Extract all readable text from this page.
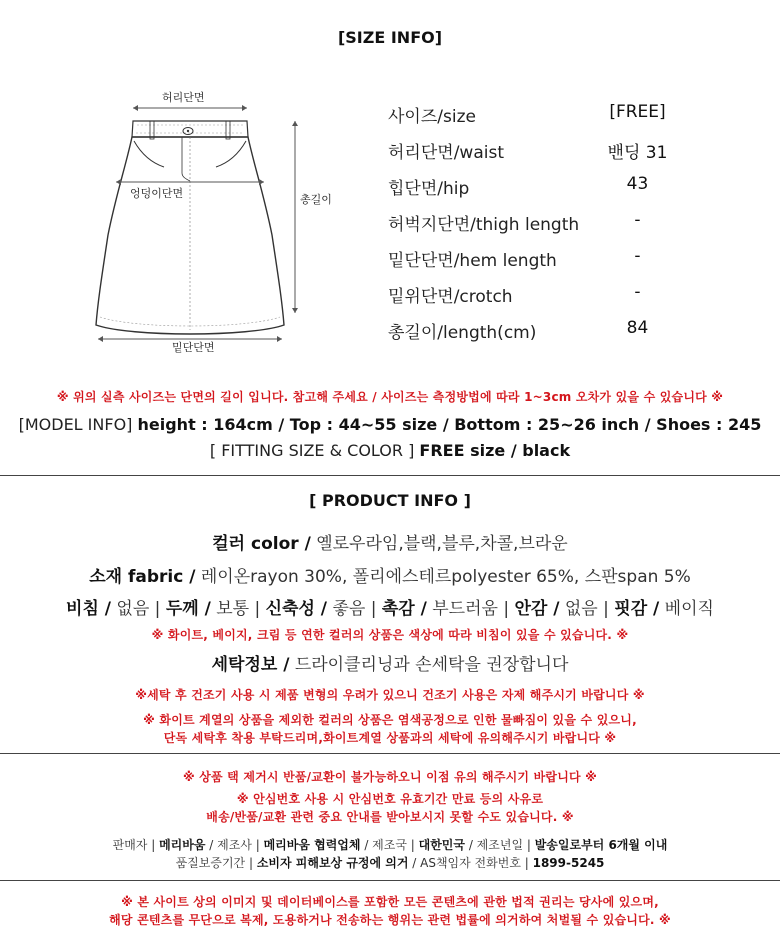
[SIZE INFO]
허리단면
엉덩이단면	총길이
밑단단면
사이즈/size	[FREE]
허리단면/waist	밴딩 31
힙단면/hip	43
허벅지단면/thigh length	-
밑단단면/hem length	-
밑위단면/crotch	-
총길이/length(cm)	84
※ 위의 실측 사이즈는 단면의 길이 입니다. 참고해 주세요 / 사이즈는 측정방법에 따라 1~3cm 오차가 있을 수 있습니다 ※
[MODEL INFO] height : 164cm / Top : 44~55 size / Bottom : 25~26 inch / Shoes : 245
[ FITTING SIZE & COLOR ] FREE size / black
[ PRODUCT INFO ]
컬러 color / 옐로우라임,블랙,블루,차콜,브라운
소재 fabric / 레이온rayon 30%, 폴리에스테르polyester 65%, 스판span 5%
비침 / 없음 | 두께 / 보통 | 신축성 / 좋음 | 촉감 / 부드러움 | 안감 / 없음 | 핏감 / 베이직
※ 화이트, 베이지, 크림 등 연한 컬러의 상품은 색상에 따라 비침이 있을 수 있습니다. ※
세탁정보 / 드라이클리닝과 손세탁을 권장합니다
※세탁 후 건조기 사용 시 제품 변형의 우려가 있으니 건조기 사용은 자제 해주시기 바랍니다 ※
※ 화이트 계열의 상품을 제외한 컬러의 상품은 염색공정으로 인한 물빠짐이 있을 수 있으니,
단독 세탁후 착용 부탁드리며,화이트계열 상품과의 세탁에 유의해주시기 바랍니다 ※
※ 상품 택 제거시 반품/교환이 불가능하오니 이점 유의 해주시기 바랍니다 ※
※ 안심번호 사용 시 안심번호 유효기간 만료 등의 사유로
배송/반품/교환 관련 중요 안내를 받아보시지 못할 수도 있습니다. ※
판매자 | 메리바움 / 제조사 | 메리바움 협력업체 / 제조국 | 대한민국 / 제조년일 | 발송일로부터 6개월 이내
품질보증기간 | 소비자 피해보상 규정에 의거 / AS책임자 전화번호 | 1899-5245
※ 본 사이트 상의 이미지 및 데이터베이스를 포함한 모든 콘텐츠에 관한 법적 권리는 당사에 있으며,
해당 콘텐츠를 무단으로 복제, 도용하거나 전송하는 행위는 관련 법률에 의거하여 처벌될 수 있습니다. ※
